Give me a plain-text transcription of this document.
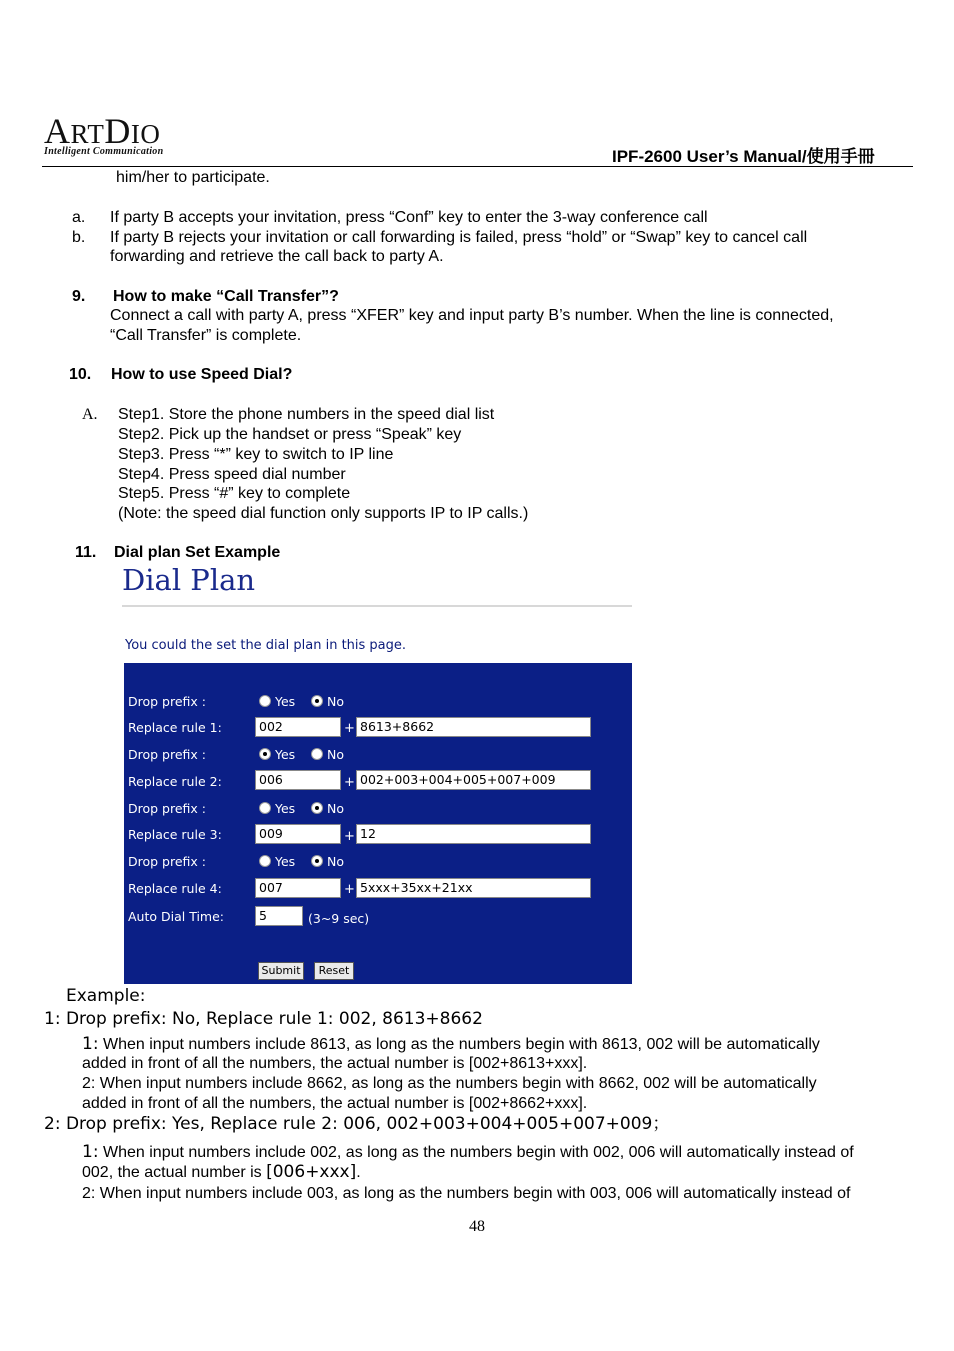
ARTDIO
Intelligent Communication	IPF-2600 User’s Manual/使用手冊
him/her to participate.
a. If party B accepts your invitation, press “Conf” key to enter the 3-way conference call
b. If party B rejects your invitation or call forwarding is failed, press “hold” or “Swap” key to cancel call
forwarding and retrieve the call back to party A.
9. How to make “Call Transfer”?
Connect a call with party A, press “XFER” key and input party B’s number. When the line is connected,
“Call Transfer” is complete.
10. How to use Speed Dial?
A. Step1. Store the phone numbers in the speed dial list
Step2. Pick up the handset or press “Speak” key
Step3. Press “*” key to switch to IP line
Step4. Press speed dial number
Step5. Press “#” key to complete
(Note: the speed dial function only supports IP to IP calls.)
11. Dial plan Set Example
Dial Plan
You could the set the dial plan in this page.
Drop prefix :	Yes	No
Replace rule 1:	002	+ 8613+8662
Drop prefix :	Yes	No
Replace rule 2:	006	+ 002+003+004+005+007+009
Drop prefix :	Yes	No
Replace rule 3:	009	+ 12
Drop prefix :	Yes	No
Replace rule 4:	007	+ 5xxx+35xx+21xx
Auto Dial Time:	5	(3~9 sec)
Submit	Reset
Example:
1: Drop prefix: No, Replace rule 1: 002, 8613+8662
1: When input numbers include 8613, as long as the numbers begin with 8613, 002 will be automatically
added in front of all the numbers, the actual number is [002+8613+xxx].
2: When input numbers include 8662, as long as the numbers begin with 8662, 002 will be automatically
added in front of all the numbers, the actual number is [002+8662+xxx].
2: Drop prefix: Yes, Replace rule 2: 006, 002+003+004+005+007+009；
1: When input numbers include 002, as long as the numbers begin with 002, 006 will automatically instead of
002, the actual number is [006+xxx].
2: When input numbers include 003, as long as the numbers begin with 003, 006 will automatically instead of
48
